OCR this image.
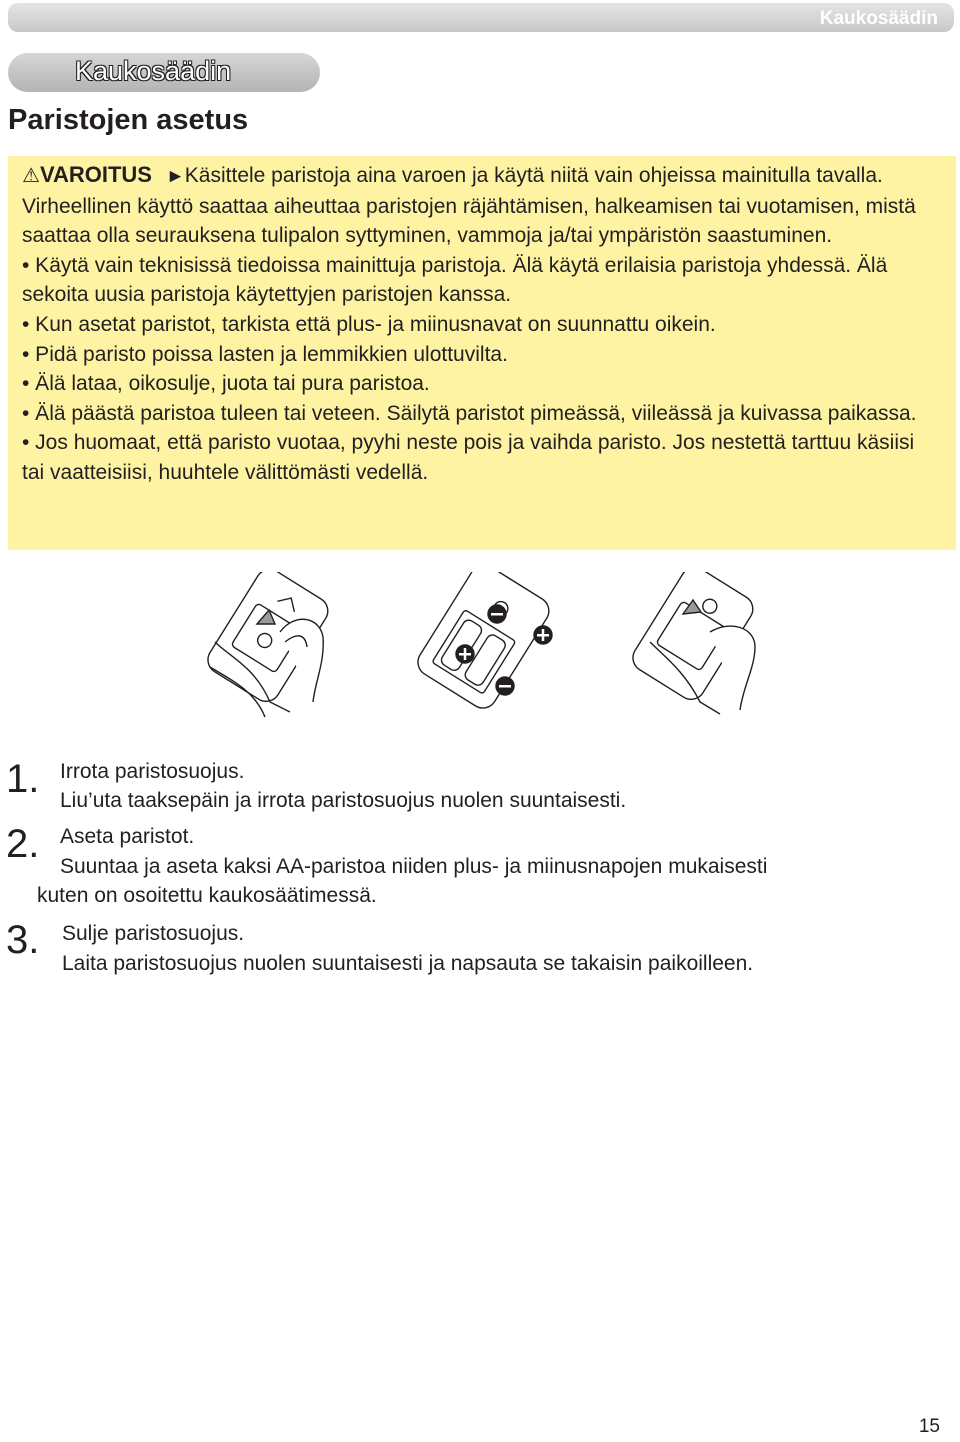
Kaukosäädin
Kaukosäädin
Paristojen asetus

⚠VAROITUS ►Käsittele paristoja aina varoen ja käytä niitä vain ohjeissa mainitulla tavalla. Virheellinen käyttö saattaa aiheuttaa paristojen räjähtämisen, halkeamisen tai vuotamisen, mistä saattaa olla seurauksena tulipalon syttyminen, vammoja ja/tai ympäristön saastuminen.

• Käytä vain teknisissä tiedoissa mainittuja paristoja. Älä käytä erilaisia paristoja yhdessä. Älä sekoita uusia paristoja käytettyjen paristojen kanssa.

• Kun asetat paristot, tarkista että plus- ja miinusnavat on suunnattu oikein.

• Pidä paristo poissa lasten ja lemmikkien ulottuvilta.

• Älä lataa, oikosulje, juota tai pura paristoa.

• Älä päästä paristoa tuleen tai veteen. Säilytä paristot pimeässä, viileässä ja kuivassa paikassa.

• Jos huomaat, että paristo vuotaa, pyyhi neste pois ja vaihda paristo. Jos nestettä tarttuu käsiisi tai vaatteisiisi, huuhtele välittömästi vedellä.

1. Irrota paristosuojus.
Liu’uta taaksepäin ja irrota paristosuojus nuolen suuntaisesti.
2. Aseta paristot.
Suuntaa ja aseta kaksi AA-paristoa niiden plus- ja miinusnapojen mukaisesti
kuten on osoitettu kaukosäätimessä.
3. Sulje paristosuojus.
Laita paristosuojus nuolen suuntaisesti ja napsauta se takaisin paikoilleen.
15
